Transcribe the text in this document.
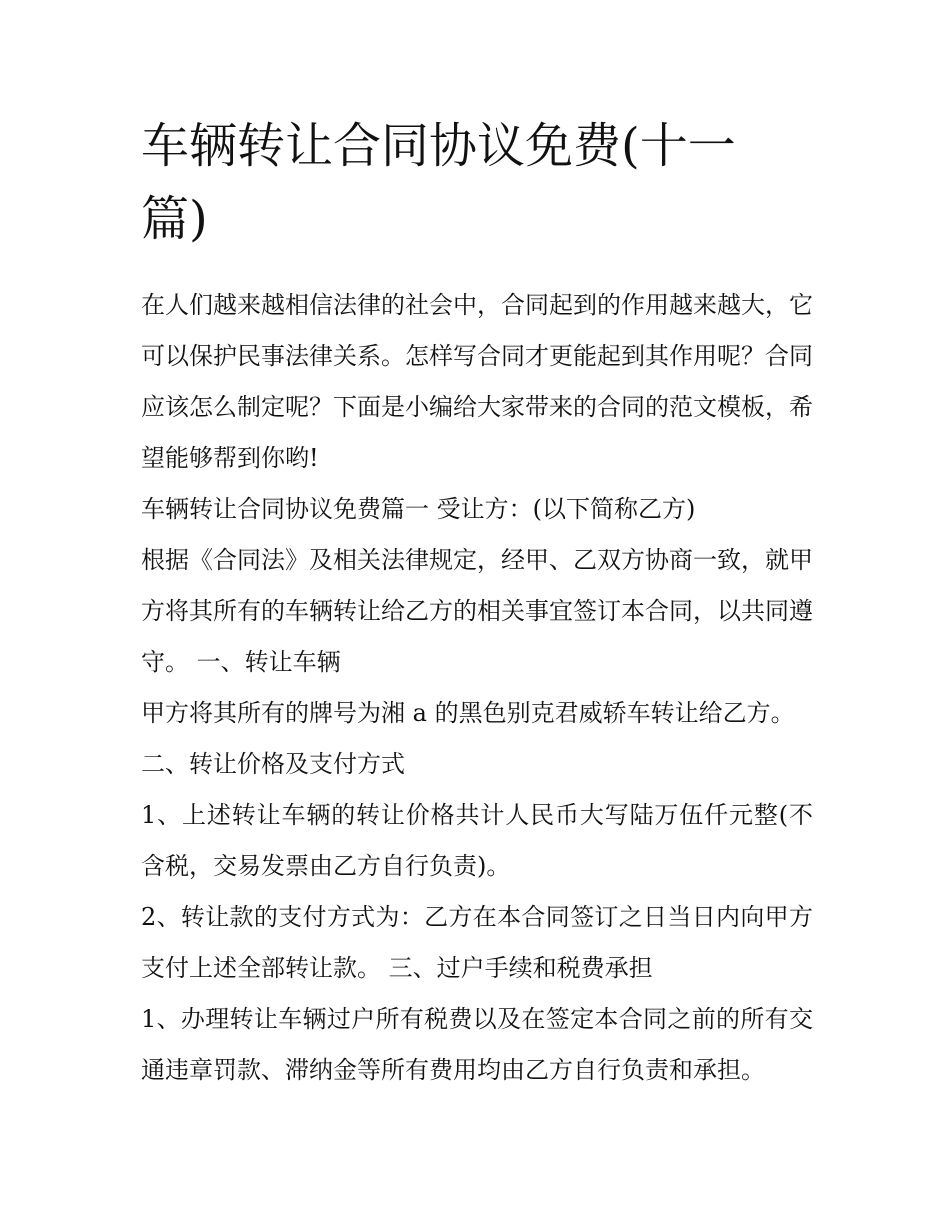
车辆转让合同协议免费(十一篇)

在人们越来越相信法律的社会中，合同起到的作用越来越大，它可以保护民事法律关系。怎样写合同才更能起到其作用呢？合同应该怎么制定呢？下面是小编给大家带来的合同的范文模板，希望能够帮到你哟!

车辆转让合同协议免费篇一 受让方：(以下简称乙方)

根据《合同法》及相关法律规定，经甲、乙双方协商一致，就甲方将其所有的车辆转让给乙方的相关事宜签订本合同，以共同遵守。 一、转让车辆

甲方将其所有的牌号为湘 a 的黑色别克君威轿车转让给乙方。

二、转让价格及支付方式

1、上述转让车辆的转让价格共计人民币大写陆万伍仟元整(不含税，交易发票由乙方自行负责)。

2、转让款的支付方式为：乙方在本合同签订之日当日内向甲方支付上述全部转让款。 三、过户手续和税费承担

1、办理转让车辆过户所有税费以及在签定本合同之前的所有交通违章罚款、滞纳金等所有费用均由乙方自行负责和承担。
